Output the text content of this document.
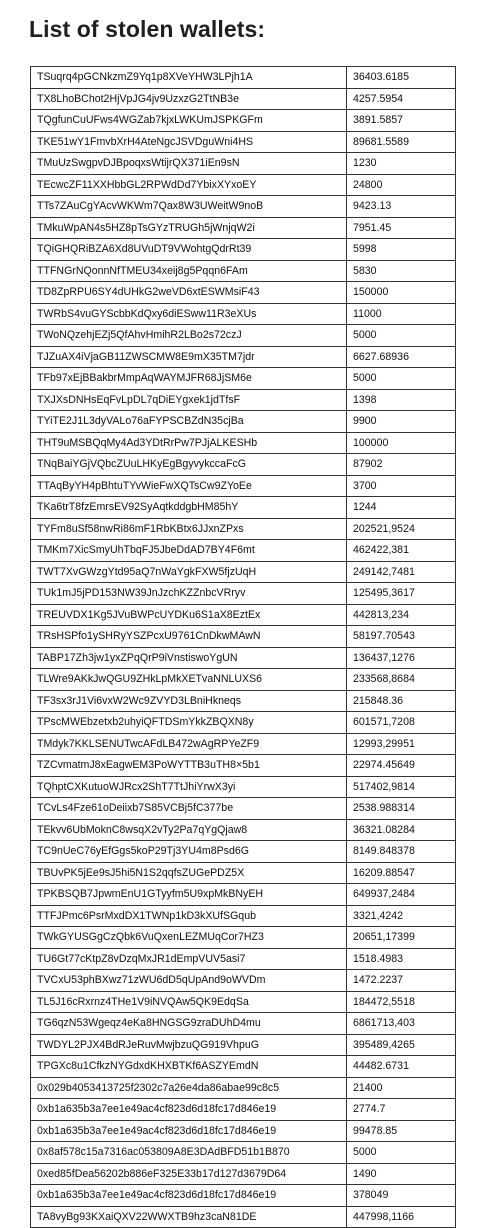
List of stolen wallets:
TSuqrq4pGCNkzmZ9Yq1p8XVeYHW3LPjh1A	36403.6185
TX8LhoBChot2HjVpJG4jv9UzxzG2TtNB3e	4257.5954
TQgfunCuUFws4WGZab7kjxLWKUmJSPKGFm	3891.5857
TKE51wY1FmvbXrH4AteNgcJSVDguWni4HS	89681.5589
TMuUzSwgpvDJBpoqxsWtijrQX371iEn9sN	1230
TEcwcZF11XXHbbGL2RPWdDd7YbixXYxoEY	24800
TTs7ZAuCgYAcvWKWm7Qax8W3UWeitW9noB	9423.13
TMkuWpAN4s5HZ8pTsGYzTRUGh5jWnjqW2i	7951.45
TQiGHQRiBZA6Xd8UVuDT9VWohtgQdrRt39	5998
TTFNGrNQonnNfTMEU34xeij8g5Pqqn6FAm	5830
TD8ZpRPU6SY4dUHkG2weVD6xtESWMsiF43	150000
TWRbS4vuGYScbbKdQxy6diESww11R3eXUs	11000
TWoNQzehjEZj5QfAhvHmihR2LBo2s72czJ	5000
TJZuAX4iVjaGB11ZWSCMW8E9mX35TM7jdr	6627.68936
TFb97xEjBBakbrMmpAqWAYMJFR68JjSM6e	5000
TXJXsDNHsEqFvLpDL7qDiEYgxek1jdTfsF	1398
TYiTE2J1L3dyVALo76aFYPSCBZdN35cjBa	9900
THT9uMSBQqMy4Ad3YDtRrPw7PJjALKESHb	100000
TNqBaiYGjVQbcZUuLHKyEgBgyvykccaFcG	87902
TTAqByYH4pBhtuTYvWieFwXQTsCw9ZYoEe	3700
TKa6trT8fzEmrsEV92SyAqtkddgbHM85hY	1244
TYFm8uSf58nwRi86mF1RbKBtx6JJxnZPxs	202521,9524
TMKm7XicSmyUhTbqFJ5JbeDdAD7BY4F6mt	462422,381
TWT7XvGWzgYtd95aQ7nWaYgkFXW5fjzUqH	249142,7481
TUk1mJ5jPD153NW39JnJzchKZZnbcVRryv	125495,3617
TREUVDX1Kg5JVuBWPcUYDKu6S1aX8EztEx	442813,234
TRsHSPfo1ySHRyYSZPcxU9761CnDkwMAwN	58197.70543
TABP17Zh3jw1yxZPqQrP9iVnstiswoYgUN	136437,1276
TLWre9AKkJwQGU9ZHkLpMkXETvaNNLUXS6	233568,8684
TF3sx3rJ1Vi6vxW2Wc9ZVYD3LBniHkneqs	215848.36
TPscMWEbzetxb2uhyiQFTDSmYkkZBQXN8y	601571,7208
TMdyk7KKLSENUTwcAFdLB472wAgRPYeZF9	12993,29951
TZCvmatmJ8xEagwEM3PoWYTTB3uTH8×5b1	22974.45649
TQhptCXKutuoWJRcx2ShT7TtJhiYrwX3yi	517402,9814
TCvLs4Fze61oDeiixb7S85VCBj5fC377be	2538.988314
TEkvv6UbMoknC8wsqX2vTy2Pa7qYgQjaw8	36321.08284
TC9nUeC76yEfGgs5koP29Tj3YU4m8Psd6G	8149.848378
TBUvPK5jEe9sJ5hi5N1S2qqfsZUGePDZ5X	16209.88547
TPKBSQB7JpwmEnU1GTyyfm5U9xpMkBNyEH	649937,2484
TTFJPmc6PsrMxdDX1TWNp1kD3kXUfSGqub	3321,4242
TWkGYUSGgCzQbk6VuQxenLEZMUqCor7HZ3	20651,17399
TU6Gt77cKtpZ8vDzqMxJR1dEmpVUV5asi7	1518.4983
TVCxU53phBXwz71zWU6dD5qUpAnd9oWVDm	1472.2237
TL5J16cRxrnz4THe1V9iNVQAw5QK9EdqSa	184472,5518
TG6qzN53Wgeqz4eKa8HNGSG9zraDUhD4mu	6861713,403
TWDYL2PJX4BdRJeRuvMwjbzuQG919VhpuG	395489,4265
TPGXc8u1CfkzNYGdxdKHXBTKf6ASZYEmdN	44482.6731
0x029b4053413725f2302c7a26e4da86abae99c8c5	21400
0xb1a635b3a7ee1e49ac4cf823d6d18fc17d846e19	2774.7
0xb1a635b3a7ee1e49ac4cf823d6d18fc17d846e19	99478.85
0x8af578c15a7316ac053809A8E3DAdBFD51b1B870	5000
0xed85fDea56202b886eF325E33b17d127d3679D64	1490
0xb1a635b3a7ee1e49ac4cf823d6d18fc17d846e19	378049
TA8vyBg93KXaiQXV22WWXTB9hz3caN81DE	447998,1166
